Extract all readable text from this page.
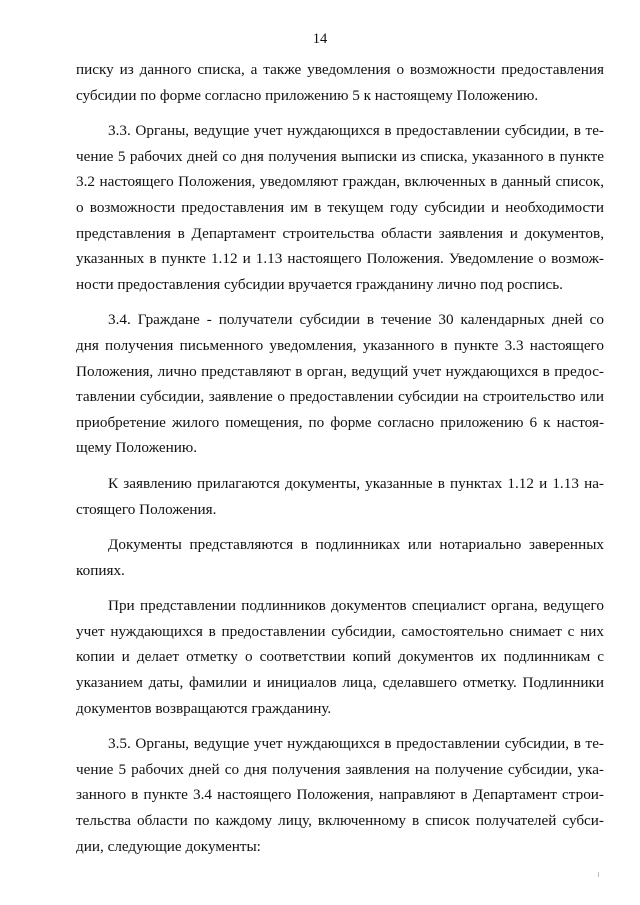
14
писку из данного списка, а также уведомления о возможности предоставления
субсидии по форме согласно приложению 5 к настоящему Положению.
3.3. Органы, ведущие учет нуждающихся в предоставлении субсидии, в те-
чение 5 рабочих дней со дня получения выписки из списка, указанного в пункте
3.2 настоящего Положения, уведомляют граждан, включенных в данный список,
о возможности предоставления им в текущем году субсидии и необходимости
представления в Департамент строительства области заявления и документов,
указанных в пункте 1.12 и 1.13 настоящего Положения. Уведомление о возмож-
ности предоставления субсидии вручается гражданину лично под роспись.
3.4. Граждане - получатели субсидии в течение 30 календарных дней со
дня получения письменного уведомления, указанного в пункте 3.3 настоящего
Положения, лично представляют в орган, ведущий учет нуждающихся в предос-
тавлении субсидии, заявление о предоставлении субсидии на строительство или
приобретение жилого помещения, по форме согласно приложению 6 к настоя-
щему Положению.
К заявлению прилагаются документы, указанные в пунктах 1.12 и 1.13 на-
стоящего Положения.
Документы представляются в подлинниках или нотариально заверенных
копиях.
При представлении подлинников документов специалист органа, ведущего
учет нуждающихся в предоставлении субсидии, самостоятельно снимает с них
копии и делает отметку о соответствии копий документов их подлинникам с
указанием даты, фамилии и инициалов лица, сделавшего отметку. Подлинники
документов возвращаются гражданину.
3.5. Органы, ведущие учет нуждающихся в предоставлении субсидии, в те-
чение 5 рабочих дней со дня получения заявления на получение субсидии, ука-
занного в пункте 3.4 настоящего Положения, направляют в Департамент строи-
тельства области по каждому лицу, включенному в список получателей субси-
дии, следующие документы:
